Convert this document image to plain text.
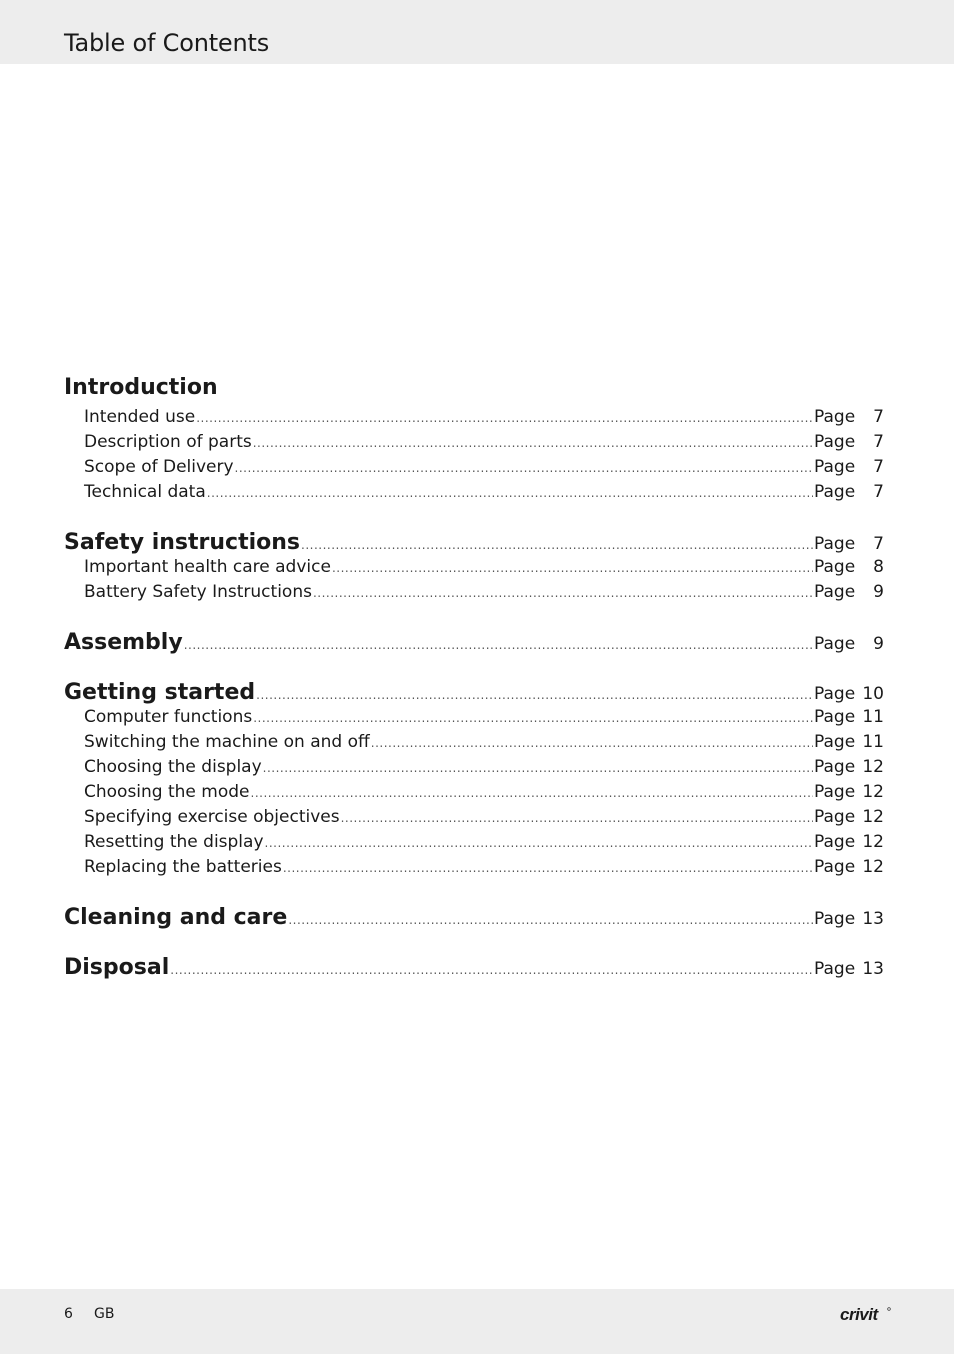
Table of Contents
Introduction
Intended use .....	Page	7
Description of parts .....	Page	7
Scope of Delivery .....	Page	7
Technical data .....	Page	7
Safety instructions .....	Page	7
Important health care advice .....	Page	8
Battery Safety Instructions .....	Page	9
Assembly .....	Page	9
Getting started .....	Page 10
Computer functions .....	Page 11
Switching the machine on and off .....	Page 11
Choosing the display .....	Page 12
Choosing the mode .....	Page 12
Specifying exercise objectives .....	Page 12
Resetting the display .....	Page 12
Replacing the batteries .....	Page 12
Cleaning and care .....	Page 13
Disposal .....	Page 13
6 GB	crivit
